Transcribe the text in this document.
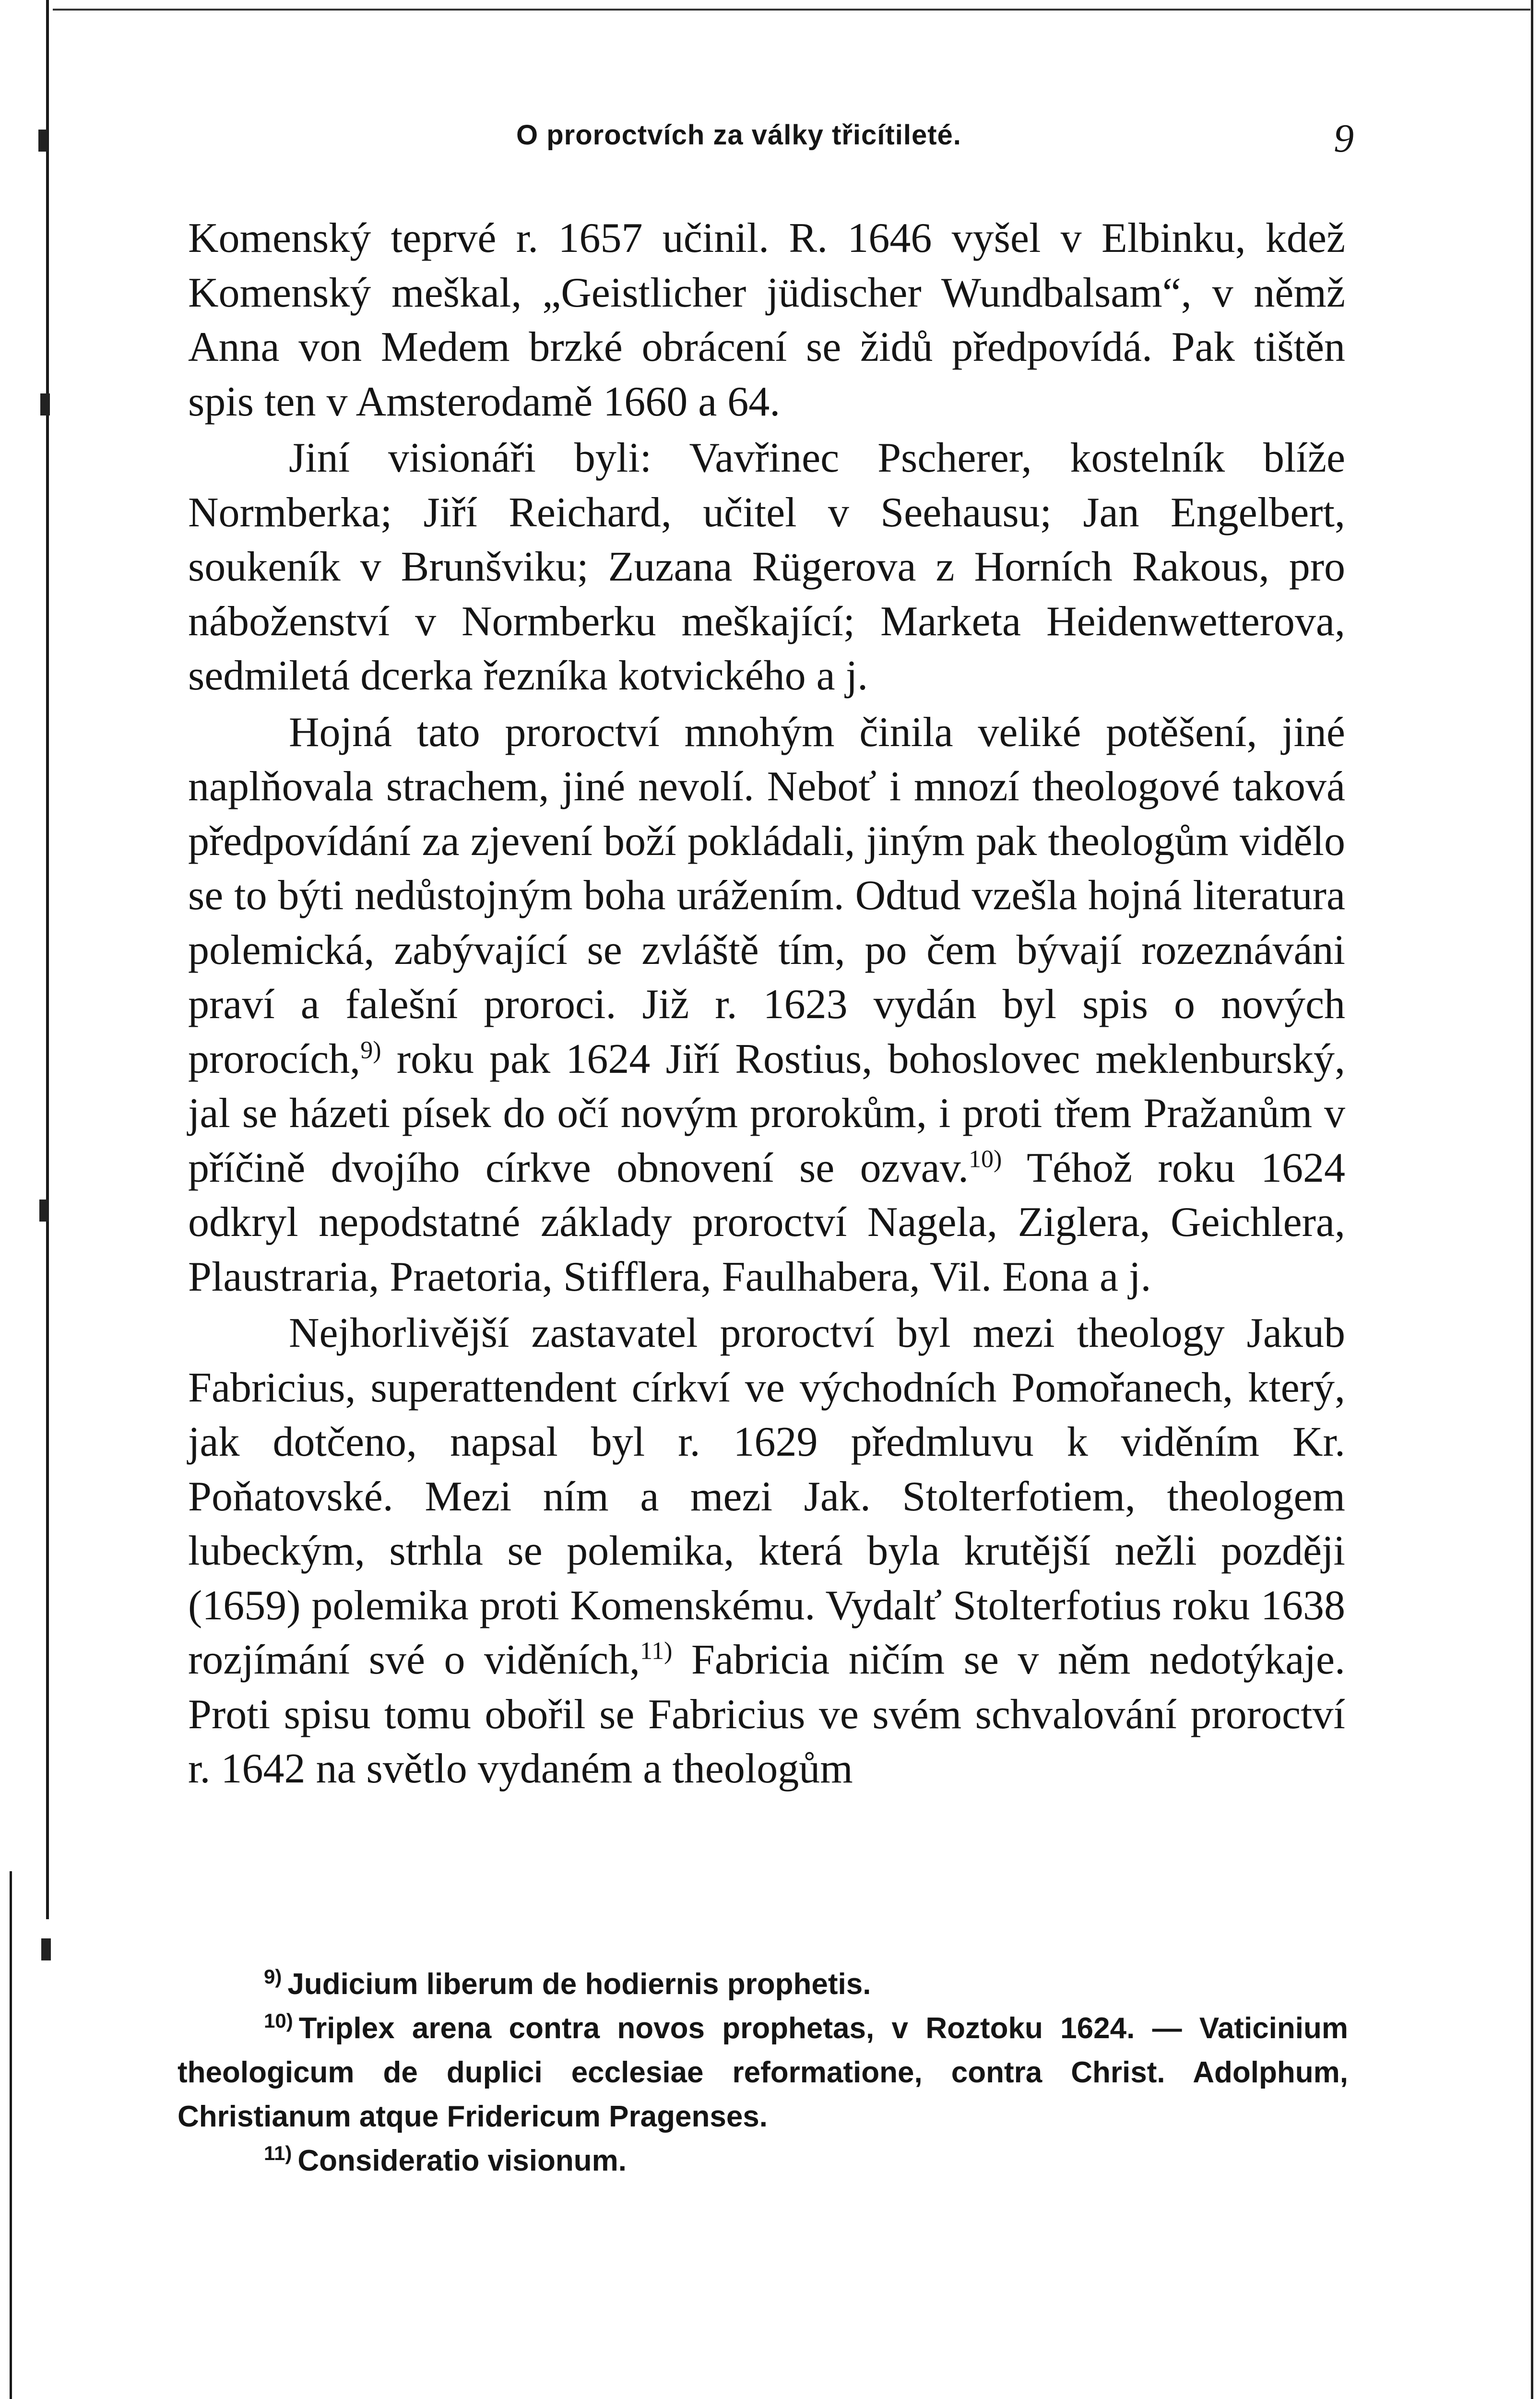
O proroctvích za války třicítileté.	9

Komenský teprvé r. 1657 učinil. R. 1646 vyšel v Elbinku, kdež Komenský meškal, „Geistlicher jüdischer Wundbalsam“, v němž Anna von Medem brzké obrácení se židů předpovídá. Pak tištěn spis ten v Amsterodamě 1660 a 64.

Jiní visionáři byli: Vavřinec Pscherer, kostelník blíže Normberka; Jiří Reichard, učitel v Seehausu; Jan Engelbert, soukeník v Brunšviku; Zuzana Rügerova z Horních Rakous, pro náboženství v Normberku meškající; Marketa Heidenwetterova, sedmiletá dcerka řezníka kotvického a j.

Hojná tato proroctví mnohým činila veliké potěšení, jiné naplňovala strachem, jiné nevolí. Neboť i mnozí theologové taková předpovídání za zjevení boží pokládali, jiným pak theologům vidělo se to býti nedůstojným boha urážením. Odtud vzešla hojná literatura polemická, zabývající se zvláště tím, po čem bývají rozeznáváni praví a falešní proroci. Již r. 1623 vydán byl spis o nových prorocích,$^{9)}$ roku pak 1624 Jiří Rostius, bohoslovec meklenburský, jal se házeti písek do očí novým prorokům, i proti třem Pražanům v příčině dvojího církve obnovení se ozvav.$^{10)}$ Téhož roku 1624 odkryl nepodstatné základy proroctví Nagela, Ziglera, Geichlera, Plaustraria, Praetoria, Stifflera, Faulhabera, Vil. Eona a j.

Nejhorlivější zastavatel proroctví byl mezi theology Jakub Fabricius, superattendent církví ve východních Pomořanech, který, jak dotčeno, napsal byl r. 1629 předmluvu k viděním Kr. Poňatovské. Mezi ním a mezi Jak. Stolterfotiem, theologem lubeckým, strhla se polemika, která byla krutější nežli později (1659) polemika proti Komenskému. Vydalť Stolterfotius roku 1638 rozjímání své o viděních,$^{11)}$ Fabricia ničím se v něm nedotýkaje. Proti spisu tomu obořil se Fabricius ve svém schvalování proroctví r. 1642 na světlo vydaném a theologům

$^{9)}$ Judicium liberum de hodiernis prophetis.

$^{10)}$ Triplex arena contra novos prophetas, v Roztoku 1624. — Vaticinium theologicum de duplici ecclesiae reformatione, contra Christ. Adolphum, Christianum atque Fridericum Pragenses.

$^{11)}$ Consideratio visionum.
